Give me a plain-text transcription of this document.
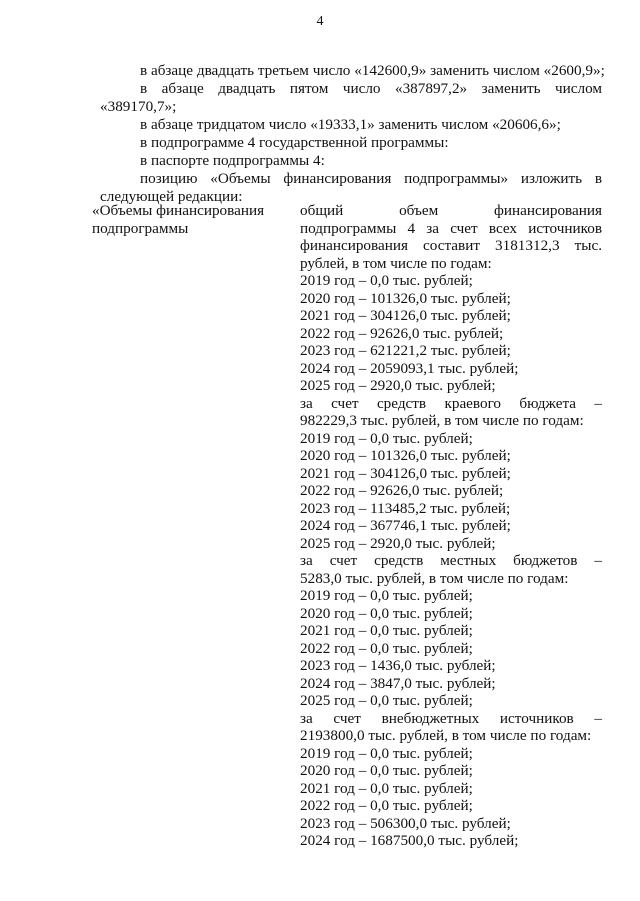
4
в абзаце двадцать третьем число «142600,9» заменить числом «2600,9»;
в абзаце двадцать пятом число «387897,2» заменить числом
«389170,7»;
в абзаце тридцатом число «19333,1» заменить числом «20606,6»;
в подпрограмме 4 государственной программы:
в паспорте подпрограммы 4:
позицию «Объемы финансирования подпрограммы» изложить в
следующей редакции:
«Объемы финансирования подпрограммы
общий объем финансирования
подпрограммы 4 за счет всех источников
финансирования составит 3181312,3 тыс.
рублей, в том числе по годам:
2019 год – 0,0 тыс. рублей;
2020 год – 101326,0 тыс. рублей;
2021 год – 304126,0 тыс. рублей;
2022 год – 92626,0 тыс. рублей;
2023 год – 621221,2 тыс. рублей;
2024 год – 2059093,1 тыс. рублей;
2025 год – 2920,0 тыс. рублей;
за счет средств краевого бюджета –
982229,3 тыс. рублей, в том числе по годам:
2019 год – 0,0 тыс. рублей;
2020 год – 101326,0 тыс. рублей;
2021 год – 304126,0 тыс. рублей;
2022 год – 92626,0 тыс. рублей;
2023 год – 113485,2 тыс. рублей;
2024 год – 367746,1 тыс. рублей;
2025 год – 2920,0 тыс. рублей;
за счет средств местных бюджетов –
5283,0 тыс. рублей, в том числе по годам:
2019 год – 0,0 тыс. рублей;
2020 год – 0,0 тыс. рублей;
2021 год – 0,0 тыс. рублей;
2022 год – 0,0 тыс. рублей;
2023 год – 1436,0 тыс. рублей;
2024 год – 3847,0 тыс. рублей;
2025 год – 0,0 тыс. рублей;
за счет внебюджетных источников –
2193800,0 тыс. рублей, в том числе по годам:
2019 год – 0,0 тыс. рублей;
2020 год – 0,0 тыс. рублей;
2021 год – 0,0 тыс. рублей;
2022 год – 0,0 тыс. рублей;
2023 год – 506300,0 тыс. рублей;
2024 год – 1687500,0 тыс. рублей;
